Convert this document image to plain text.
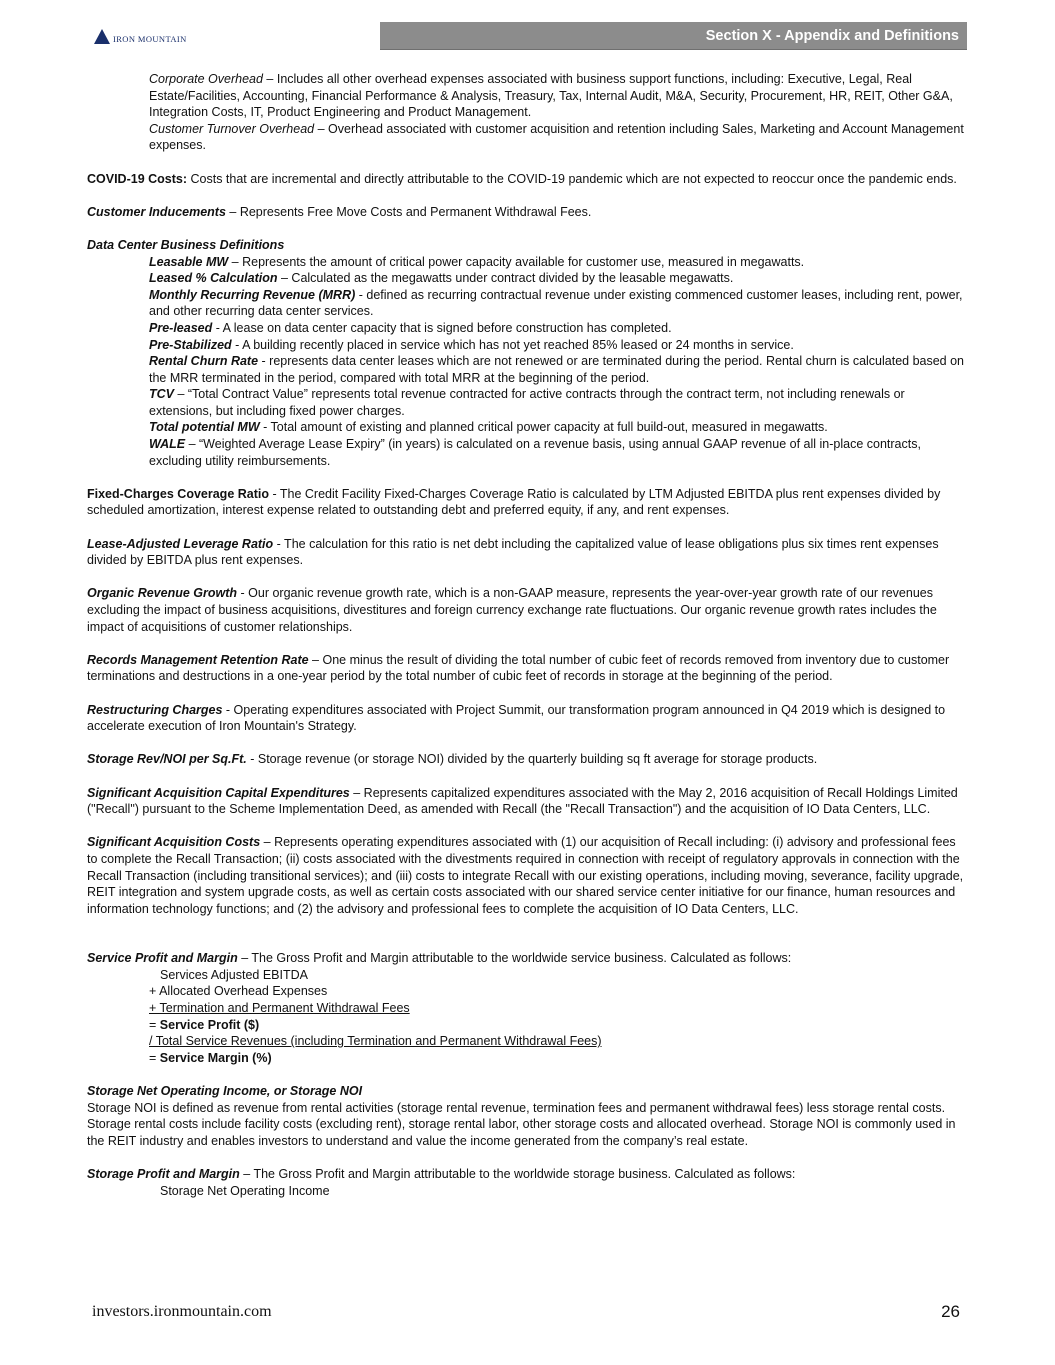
IRON MOUNTAIN	Section X - Appendix and Definitions

Corporate Overhead – Includes all other overhead expenses associated with business support functions, including: Executive, Legal, Real Estate/Facilities, Accounting, Financial Performance & Analysis, Treasury, Tax, Internal Audit, M&A, Security, Procurement, HR, REIT, Other G&A, Integration Costs, IT, Product Engineering and Product Management.

Customer Turnover Overhead – Overhead associated with customer acquisition and retention including Sales, Marketing and Account Management expenses.

COVID-19 Costs: Costs that are incremental and directly attributable to the COVID-19 pandemic which are not expected to reoccur once the pandemic ends.

Customer Inducements – Represents Free Move Costs and Permanent Withdrawal Fees.

Data Center Business Definitions

Leasable MW – Represents the amount of critical power capacity available for customer use, measured in megawatts.

Leased % Calculation – Calculated as the megawatts under contract divided by the leasable megawatts.

Monthly Recurring Revenue (MRR) - defined as recurring contractual revenue under existing commenced customer leases, including rent, power, and other recurring data center services.

Pre-leased - A lease on data center capacity that is signed before construction has completed.

Pre-Stabilized - A building recently placed in service which has not yet reached 85% leased or 24 months in service.

Rental Churn Rate - represents data center leases which are not renewed or are terminated during the period. Rental churn is calculated based on the MRR terminated in the period, compared with total MRR at the beginning of the period.

TCV – “Total Contract Value” represents total revenue contracted for active contracts through the contract term, not including renewals or extensions, but including fixed power charges.

Total potential MW - Total amount of existing and planned critical power capacity at full build-out, measured in megawatts.

WALE – “Weighted Average Lease Expiry” (in years) is calculated on a revenue basis, using annual GAAP revenue of all in-place contracts, excluding utility reimbursements.

Fixed-Charges Coverage Ratio - The Credit Facility Fixed-Charges Coverage Ratio is calculated by LTM Adjusted EBITDA plus rent expenses divided by scheduled amortization, interest expense related to outstanding debt and preferred equity, if any, and rent expenses.

Lease-Adjusted Leverage Ratio - The calculation for this ratio is net debt including the capitalized value of lease obligations plus six times rent expenses divided by EBITDA plus rent expenses.

Organic Revenue Growth - Our organic revenue growth rate, which is a non-GAAP measure, represents the year-over-year growth rate of our revenues excluding the impact of business acquisitions, divestitures and foreign currency exchange rate fluctuations. Our organic revenue growth rates includes the impact of acquisitions of customer relationships.

Records Management Retention Rate – One minus the result of dividing the total number of cubic feet of records removed from inventory due to customer terminations and destructions in a one-year period by the total number of cubic feet of records in storage at the beginning of the period.

Restructuring Charges - Operating expenditures associated with Project Summit, our transformation program announced in Q4 2019 which is designed to accelerate execution of Iron Mountain's Strategy.

Storage Rev/NOI per Sq.Ft. - Storage revenue (or storage NOI) divided by the quarterly building sq ft average for storage products.

Significant Acquisition Capital Expenditures – Represents capitalized expenditures associated with the May 2, 2016 acquisition of Recall Holdings Limited ("Recall") pursuant to the Scheme Implementation Deed, as amended with Recall (the "Recall Transaction") and the acquisition of IO Data Centers, LLC.

Significant Acquisition Costs – Represents operating expenditures associated with (1) our acquisition of Recall including: (i) advisory and professional fees to complete the Recall Transaction; (ii) costs associated with the divestments required in connection with receipt of regulatory approvals in connection with the Recall Transaction (including transitional services); and (iii) costs to integrate Recall with our existing operations, including moving, severance, facility upgrade, REIT integration and system upgrade costs, as well as certain costs associated with our shared service center initiative for our finance, human resources and information technology functions; and (2) the advisory and professional fees to complete the acquisition of IO Data Centers, LLC.

Service Profit and Margin – The Gross Profit and Margin attributable to the worldwide service business. Calculated as follows:

Services Adjusted EBITDA

+ Allocated Overhead Expenses

+ Termination and Permanent Withdrawal Fees

= Service Profit ($)

/ Total Service Revenues (including Termination and Permanent Withdrawal Fees)

= Service Margin (%)

Storage Net Operating Income, or Storage NOI

Storage NOI is defined as revenue from rental activities (storage rental revenue, termination fees and permanent withdrawal fees) less storage rental costs. Storage rental costs include facility costs (excluding rent), storage rental labor, other storage costs and allocated overhead. Storage NOI is commonly used in the REIT industry and enables investors to understand and value the income generated from the company’s real estate.

Storage Profit and Margin – The Gross Profit and Margin attributable to the worldwide storage business. Calculated as follows:

Storage Net Operating Income

investors.ironmountain.com	26
